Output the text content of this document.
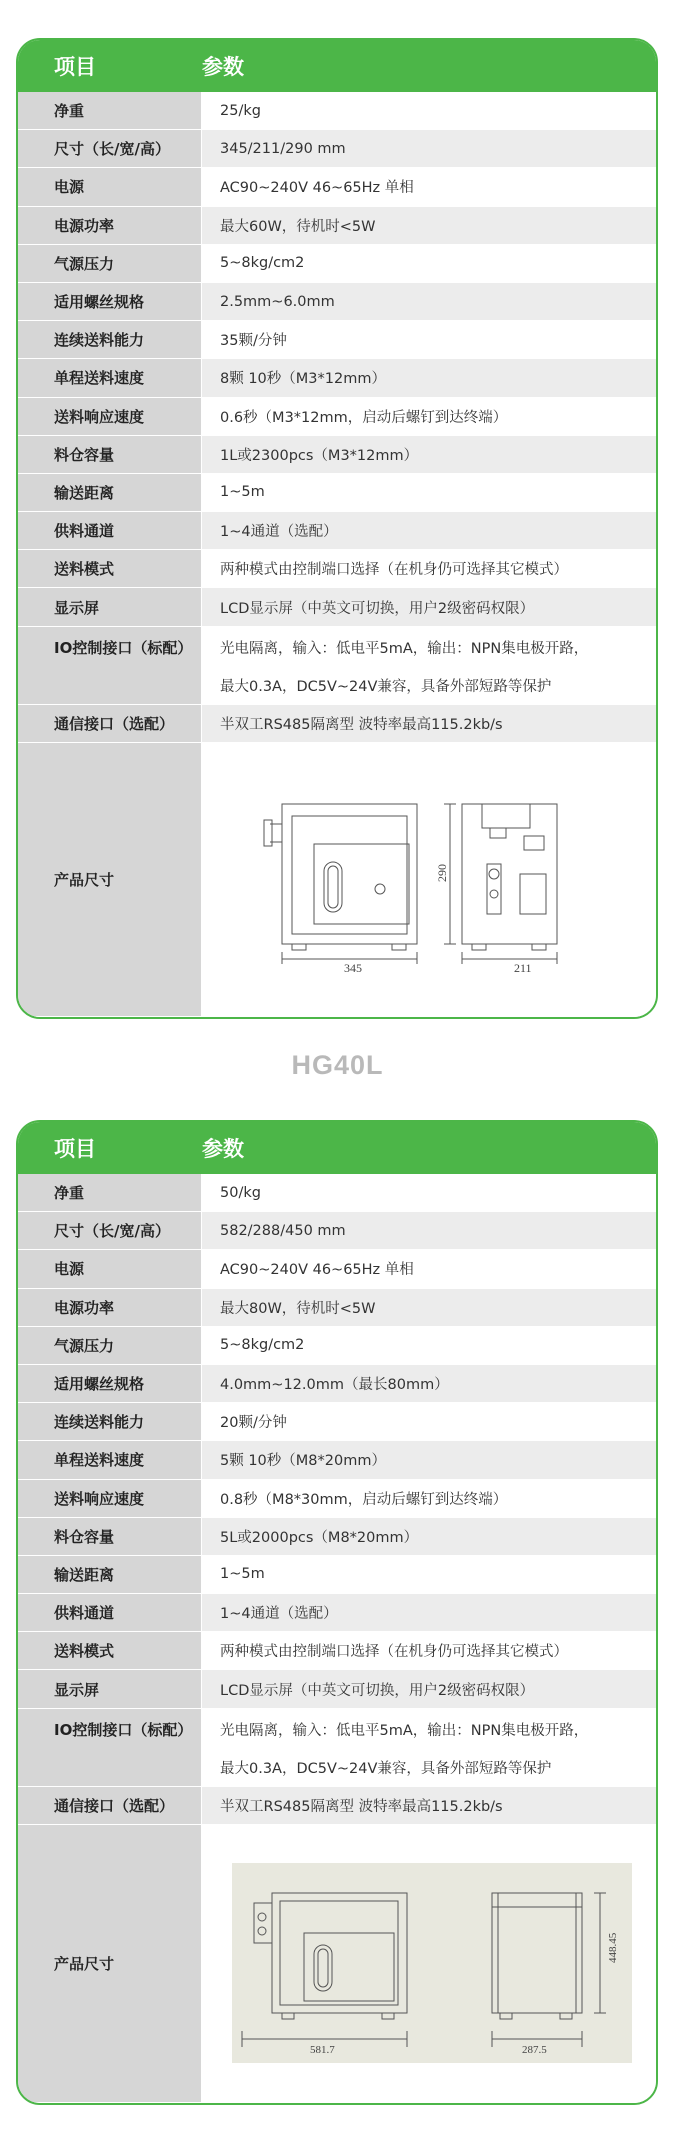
项目	参数
净重	25/kg
尺寸（长/宽/高）	345/211/290 mm
电源	AC90~240V 46~65Hz 单相
电源功率	最大60W，待机时<5W
气源压力	5~8kg/cm2
适用螺丝规格	2.5mm~6.0mm
连续送料能力	35颗/分钟
单程送料速度	8颗 10秒（M3*12mm）
送料响应速度	0.6秒（M3*12mm，启动后螺钉到达终端）
料仓容量	1L或2300pcs（M3*12mm）
输送距离	1~5m
供料通道	1~4通道（选配）
送料模式	两种模式由控制端口选择（在机身仍可选择其它模式）
显示屏	LCD显示屏（中英文可切换，用户2级密码权限）
IO控制接口（标配）	光电隔离，输入：低电平5mA，输出：NPN集电极开路，
最大0.3A，DC5V~24V兼容，具备外部短路等保护
通信接口（选配）	半双工RS485隔离型 波特率最高115.2kb/s
产品尺寸
345
290
211
HG40L
项目	参数
净重	50/kg
尺寸（长/宽/高）	582/288/450 mm
电源	AC90~240V 46~65Hz 单相
电源功率	最大80W，待机时<5W
气源压力	5~8kg/cm2
适用螺丝规格	4.0mm~12.0mm（最长80mm）
连续送料能力	20颗/分钟
单程送料速度	5颗 10秒（M8*20mm）
送料响应速度	0.8秒（M8*30mm，启动后螺钉到达终端）
料仓容量	5L或2000pcs（M8*20mm）
输送距离	1~5m
供料通道	1~4通道（选配）
送料模式	两种模式由控制端口选择（在机身仍可选择其它模式）
显示屏	LCD显示屏（中英文可切换，用户2级密码权限）
IO控制接口（标配）	光电隔离，输入：低电平5mA，输出：NPN集电极开路，
最大0.3A，DC5V~24V兼容，具备外部短路等保护
通信接口（选配）	半双工RS485隔离型 波特率最高115.2kb/s
产品尺寸
581.7
448.45
287.5
